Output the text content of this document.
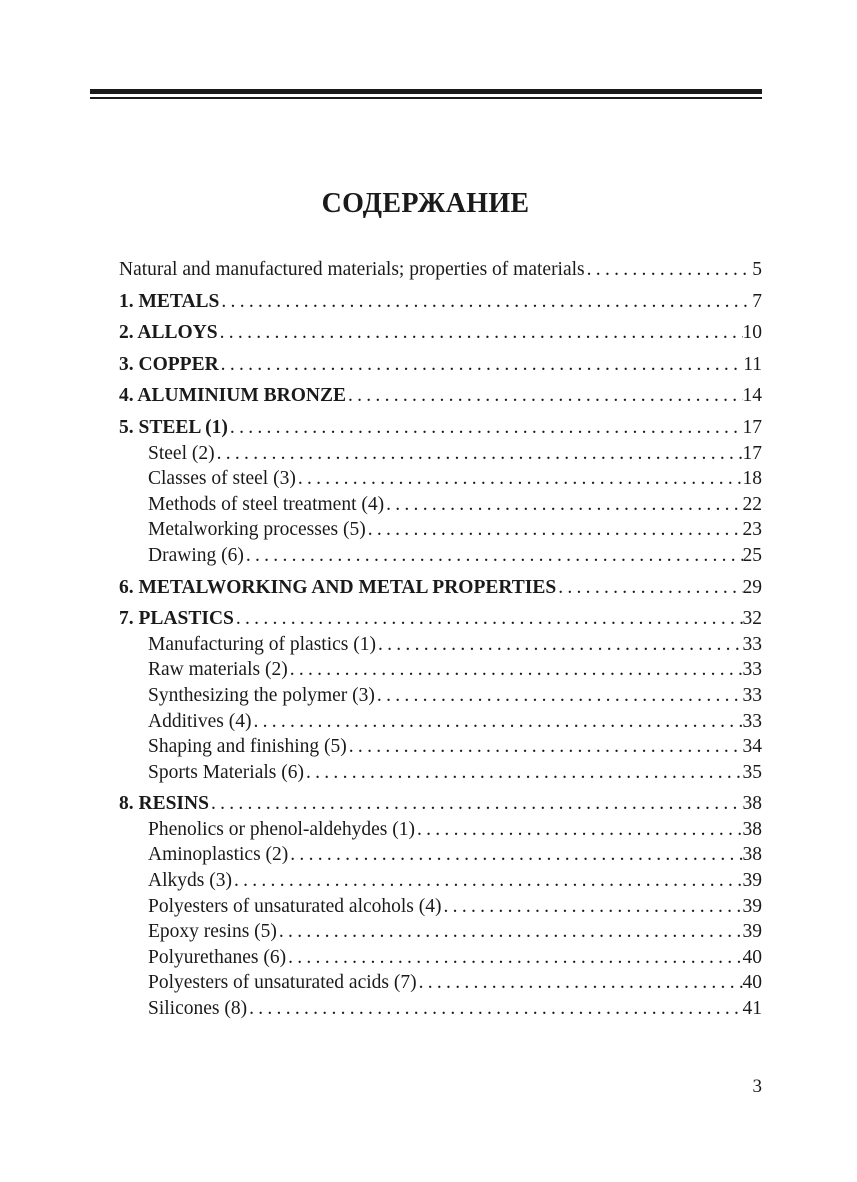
СОДЕРЖАНИЕ
Natural and manufactured materials; properties of materials . . .	5
1. METALS . . .	7
2. ALLOYS . . .	10
3. COPPER . . .	11
4. ALUMINIUM BRONZE . . .	14
5. STEEL (1) . . .	17
Steel (2) . . .	17
Classes of steel (3) . . .	18
Methods of steel treatment (4) . . .	22
Metalworking processes (5) . . .	23
Drawing (6) . . .	25
6. METALWORKING AND METAL PROPERTIES . . .	29
7. PLASTICS . . .	32
Manufacturing of plastics (1) . . .	33
Raw materials (2) . . .	33
Synthesizing the polymer (3) . . .	33
Additives (4) . . .	33
Shaping and finishing (5) . . .	34
Sports Materials (6) . . .	35
8. RESINS . . .	38
Phenolics or phenol-aldehydes (1) . . .	38
Aminoplastics (2) . . .	38
Alkyds (3) . . .	39
Polyesters of unsaturated alcohols (4) . . .	39
Epoxy resins (5) . . .	39
Polyurethanes (6) . . .	40
Polyesters of unsaturated acids (7) . . .	40
Silicones (8) . . .	41
3
